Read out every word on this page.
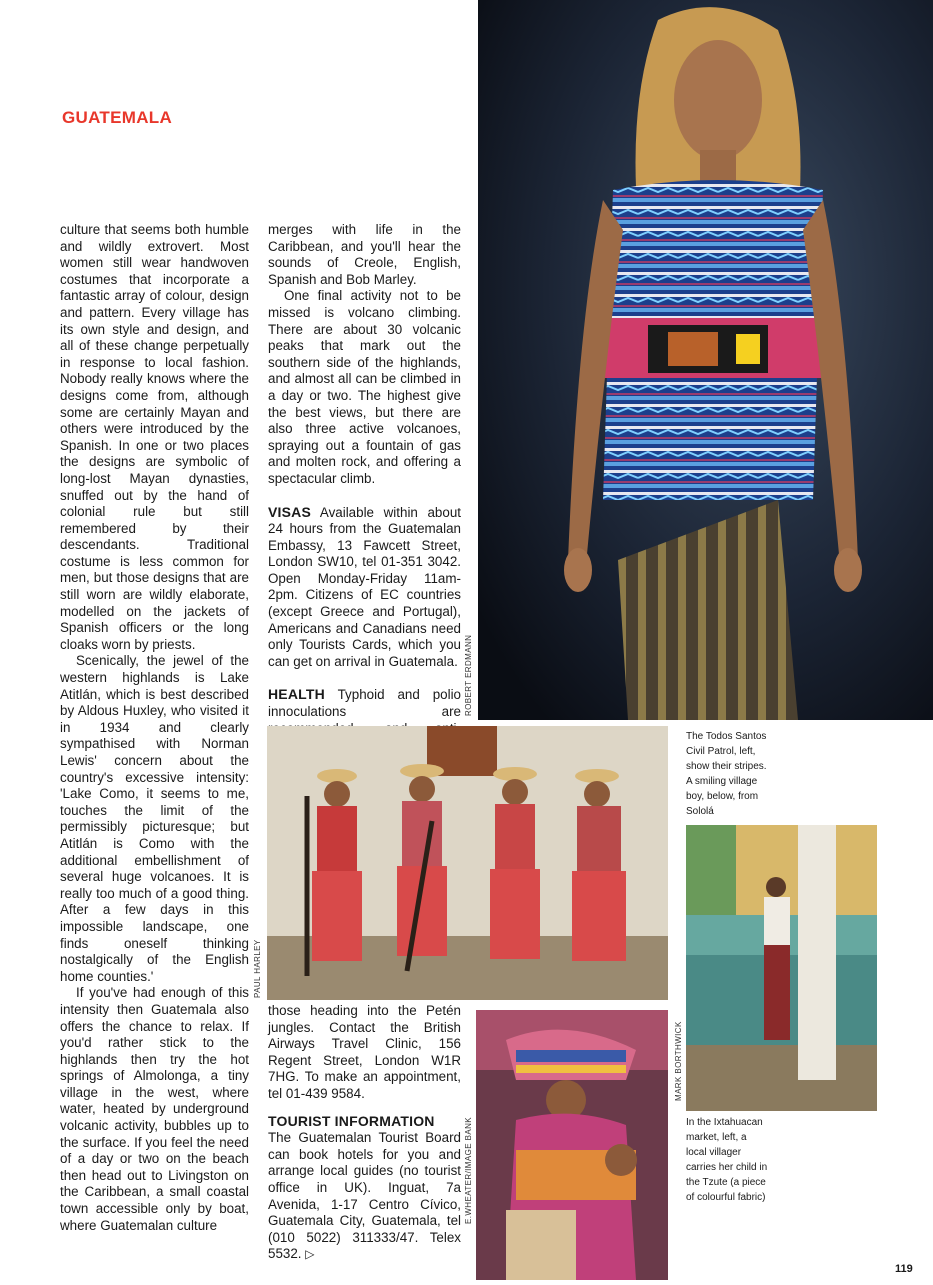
GUATEMALA

culture that seems both humble and wildly extrovert. Most women still wear handwoven costumes that incorporate a fantastic array of colour, design and pattern. Every village has its own style and design, and all of these change perpetually in response to local fashion. Nobody really knows where the designs come from, although some are certainly Mayan and others were introduced by the Spanish. In one or two places the designs are symbolic of long-lost Mayan dynasties, snuffed out by the hand of colonial rule but still remembered by their descendants. Traditional costume is less common for men, but those designs that are still worn are wildly elaborate, modelled on the jackets of Spanish officers or the long cloaks worn by priests.

Scenically, the jewel of the western highlands is Lake Atitlán, which is best described by Aldous Huxley, who visited it in 1934 and clearly sympathised with Norman Lewis' concern about the country's excessive intensity: 'Lake Como, it seems to me, touches the limit of the permissibly picturesque; but Atitlán is Como with the additional embellishment of several huge volcanoes. It is really too much of a good thing. After a few days in this impossible landscape, one finds oneself thinking nostalgically of the English home counties.'

If you've had enough of this intensity then Guatemala also offers the chance to relax. If you'd rather stick to the highlands then try the hot springs of Almolonga, a tiny village in the west, where water, heated by underground volcanic activity, bubbles up to the surface. If you feel the need of a day or two on the beach then head out to Livingston on the Caribbean, a small coastal town accessible only by boat, where Guatemalan culture

merges with life in the Caribbean, and you'll hear the sounds of Creole, English, Spanish and Bob Marley.

One final activity not to be missed is volcano climbing. There are about 30 volcanic peaks that mark out the southern side of the highlands, and almost all can be climbed in a day or two. The highest give the best views, but there are also three active volcanoes, spraying out a fountain of gas and molten rock, and offering a spectacular climb.

VISAS Available within about 24 hours from the Guatemalan Embassy, 13 Fawcett Street, London SW10, tel 01-351 3042. Open Monday-Friday 11am-2pm. Citizens of EC countries (except Greece and Portugal), Americans and Canadians need only Tourists Cards, which you can get on arrival in Guatemala.

HEALTH Typhoid and polio innoculations are

those heading into the Petén jungles. Contact the British Airways Travel Clinic, 156 Regent Street, London W1R 7HG. To make an appointment, tel 01-439 9584.

TOURIST INFORMATION

The Guatemalan Tourist Board can book hotels for you and arrange local guides (no tourist office in UK). Inguat, 7a Avenida, 1-17 Centro Cívico, Guatemala City, Guatemala, tel (010 5022) 311333/47. Telex 5532. ▷

ROBERT ERDMANN
PAUL HARLEY
E.WHEATER/IMAGE BANK
MARK BORTHWICK
The Todos Santos Civil Patrol, left, show their stripes. A smiling village boy, below, from Sololá
In the Ixtahuacan market, left, a local villager carries her child in the Tzute (a piece of colourful fabric)
119
